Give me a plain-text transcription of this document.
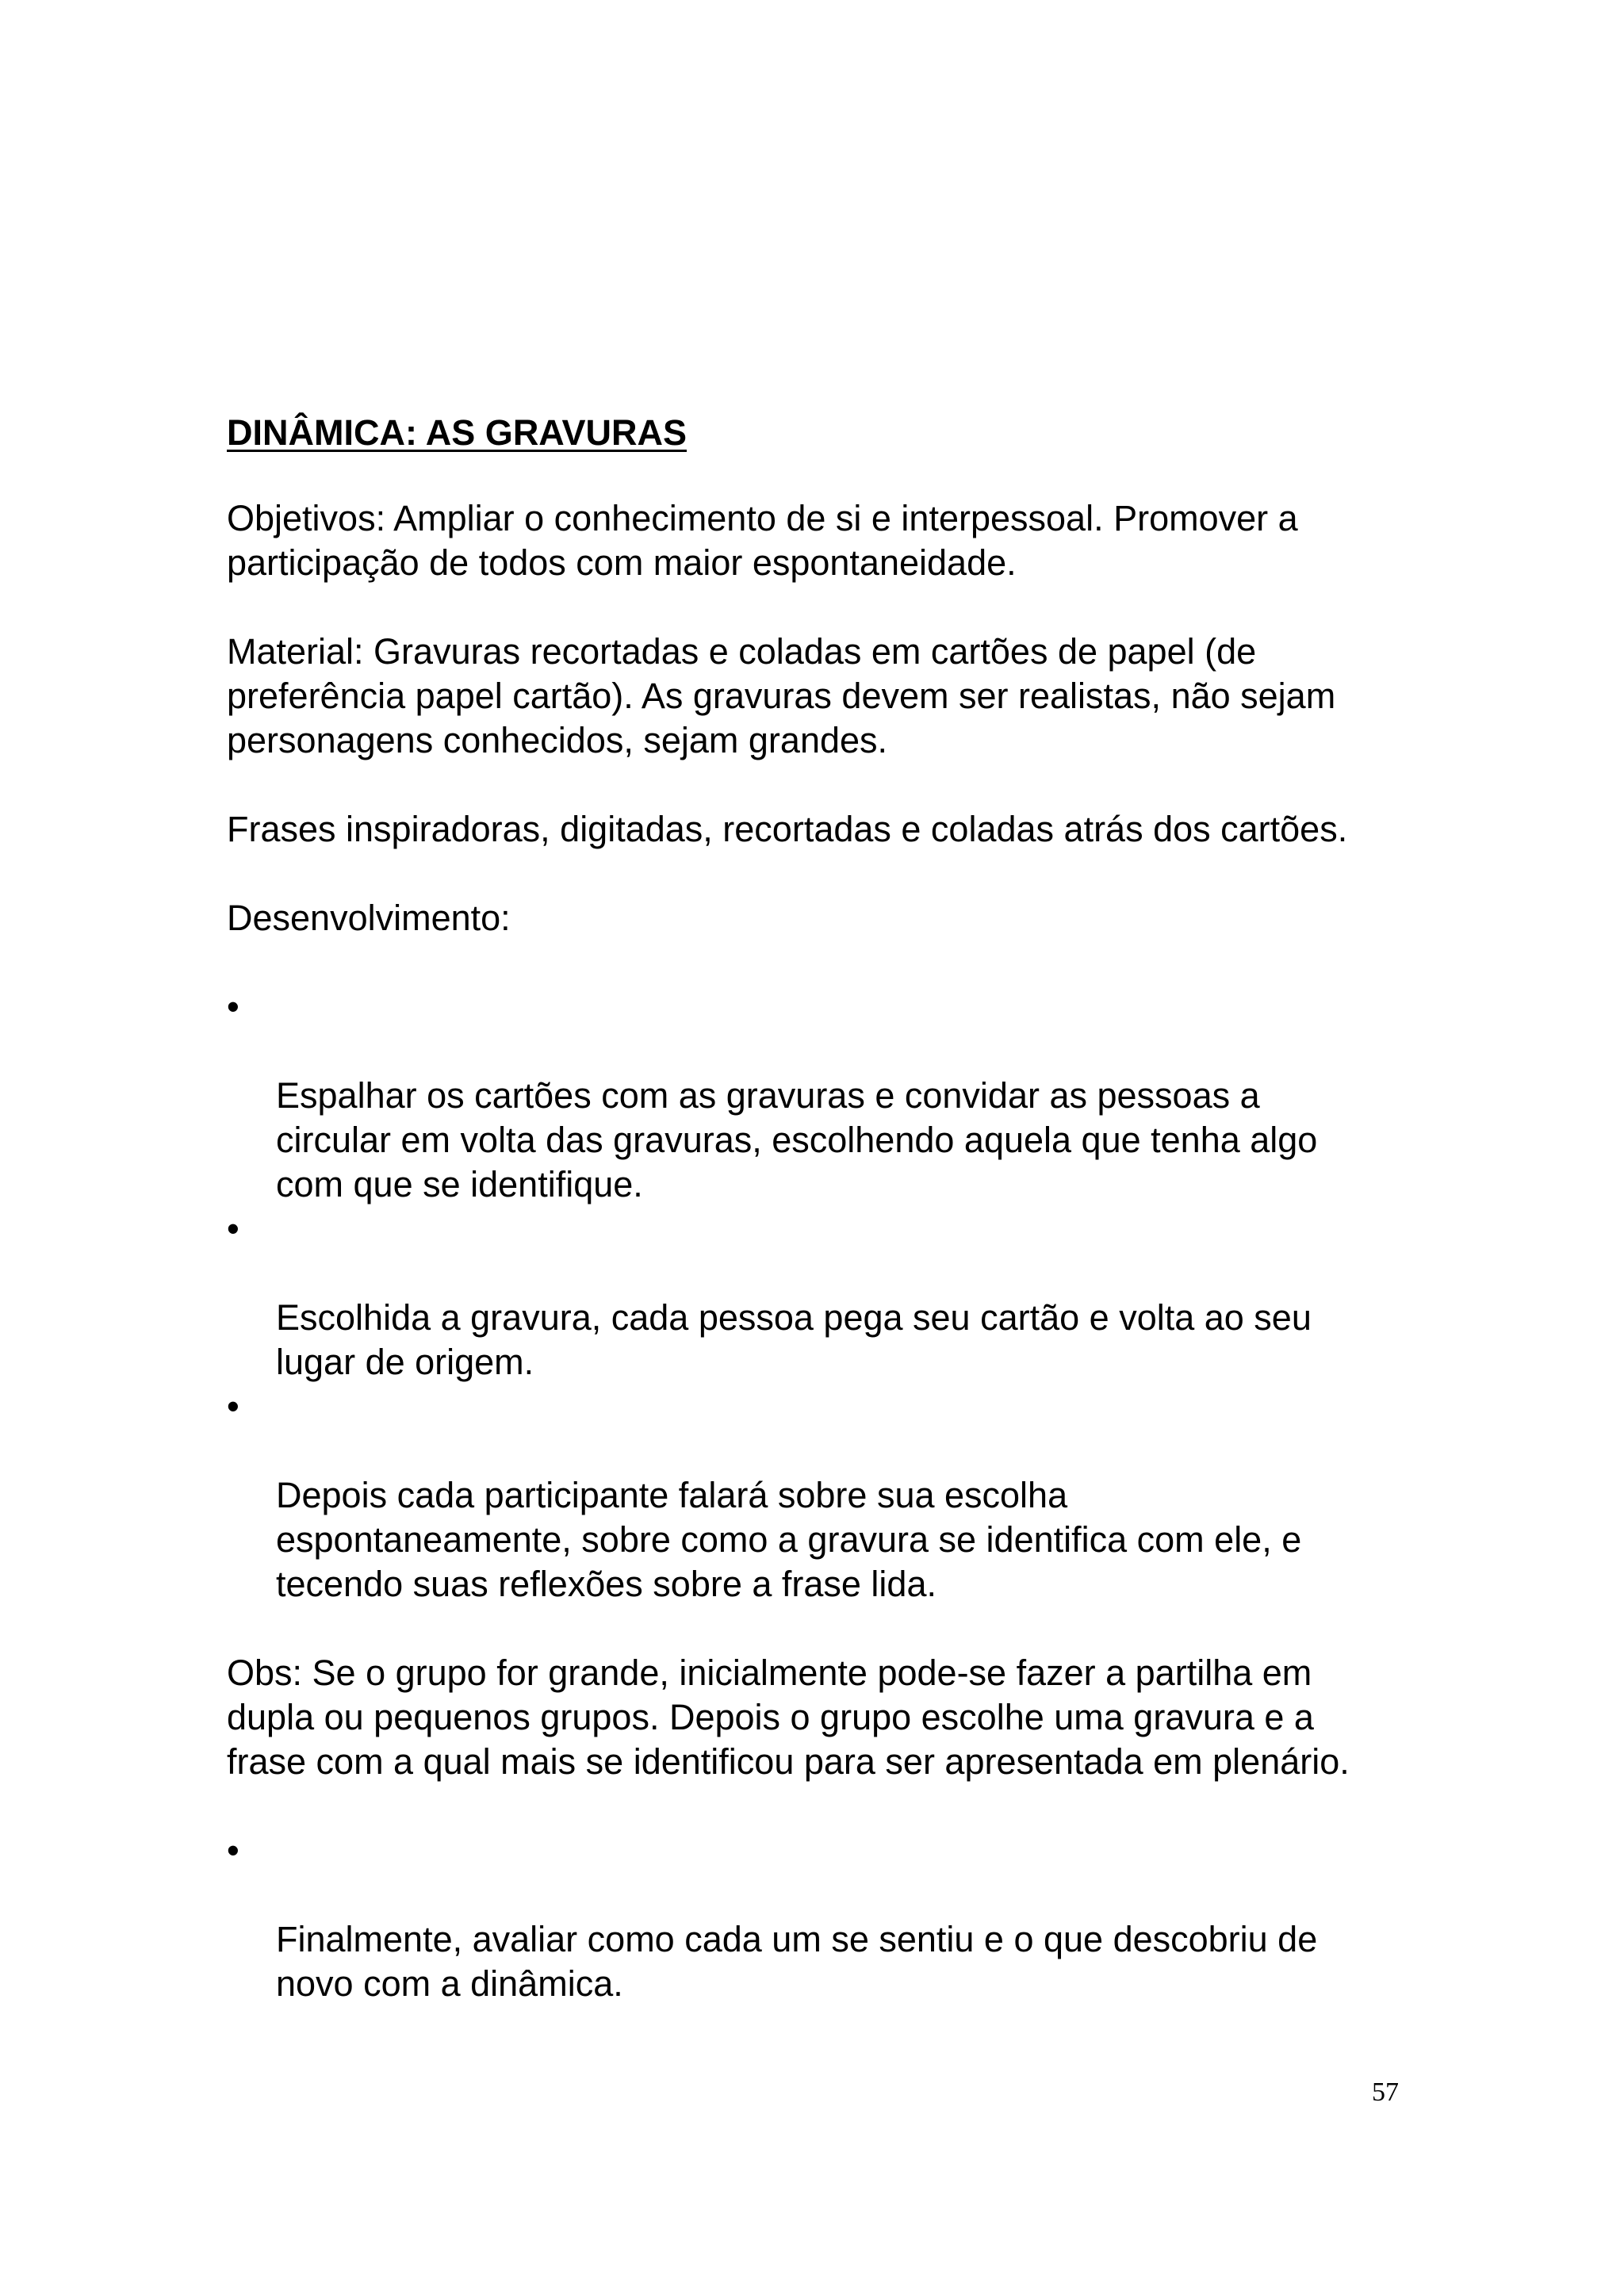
DINÂMICA: AS GRAVURAS
Objetivos: Ampliar o conhecimento de si e interpessoal. Promover a
participação de todos com maior espontaneidade.
Material: Gravuras recortadas e coladas em cartões de papel (de
preferência papel cartão). As gravuras devem ser realistas, não sejam
personagens conhecidos, sejam grandes.
Frases inspiradoras, digitadas, recortadas e coladas atrás dos cartões.
Desenvolvimento:

•

Espalhar os cartões com as gravuras e convidar as pessoas a
circular em volta das gravuras, escolhendo aquela que tenha algo
com que se identifique.

•

Escolhida a gravura, cada pessoa pega seu cartão e volta ao seu
lugar de origem.

•

Depois cada participante falará sobre sua escolha
espontaneamente, sobre como a gravura se identifica com ele, e
tecendo suas reflexões sobre a frase lida.

Obs: Se o grupo for grande, inicialmente pode-se fazer a partilha em
dupla ou pequenos grupos. Depois o grupo escolhe uma gravura e a
frase com a qual mais se identificou para ser apresentada em plenário.

•

Finalmente, avaliar como cada um se sentiu e o que descobriu de
novo com a dinâmica.

57
